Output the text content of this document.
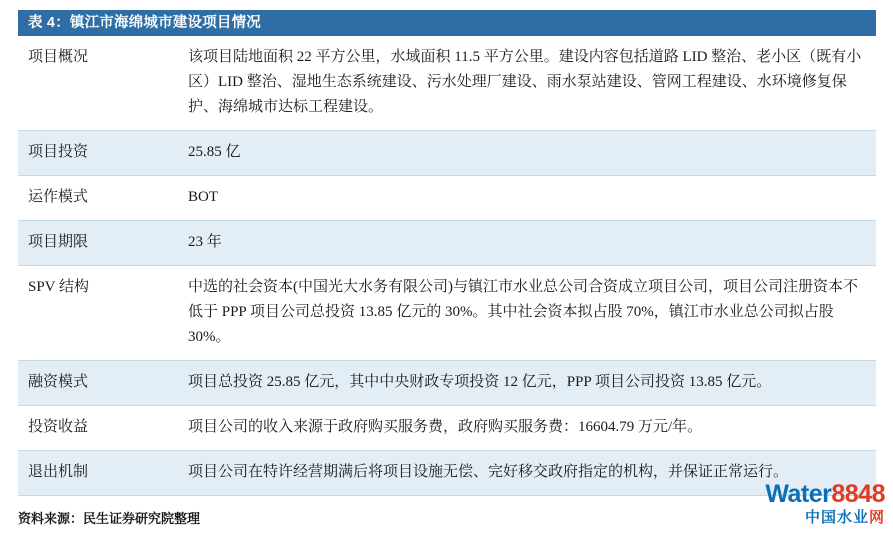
表 4：镇江市海绵城市建设项目情况
项目概况	该项目陆地面积 22 平方公里，水域面积 11.5 平方公里。建设内容包括道路 LID 整治、老小区（既有小区）LID 整治、湿地生态系统建设、污水处理厂建设、雨水泵站建设、管网工程建设、水环境修复保护、海绵城市达标工程建设。
项目投资	25.85 亿
运作模式	BOT
项目期限	23 年
SPV 结构	中选的社会资本(中国光大水务有限公司)与镇江市水业总公司合资成立项目公司，项目公司注册资本不低于 PPP 项目公司总投资 13.85 亿元的 30%。其中社会资本拟占股 70%，镇江市水业总公司拟占股 30%。
融资模式	项目总投资 25.85 亿元，其中中央财政专项投资 12 亿元，PPP 项目公司投资 13.85 亿元。
投资收益	项目公司的收入来源于政府购买服务费，政府购买服务费：16604.79 万元/年。
退出机制	项目公司在特许经营期满后将项目设施无偿、完好移交政府指定的机构，并保证正常运行。
资料来源：民生证券研究院整理
Water8848
中国水业网
